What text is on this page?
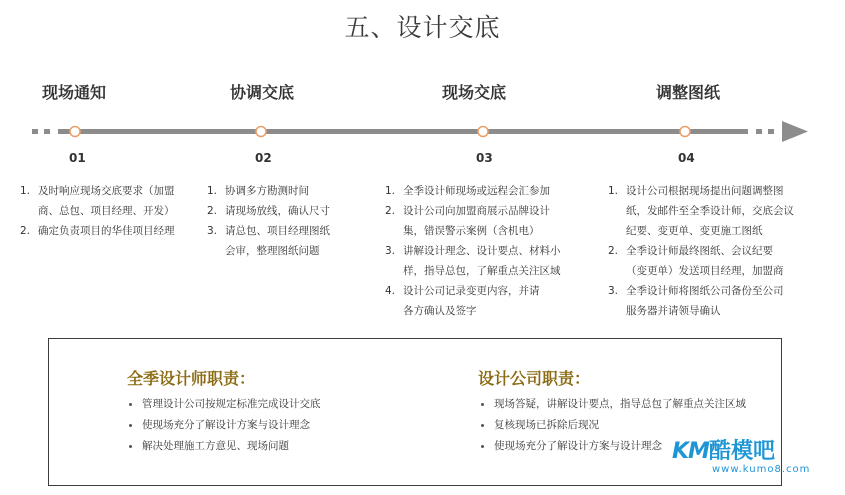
五、设计交底
现场通知	协调交底	现场交底	调整图纸
01	02	03	04
1. 及时响应现场交底要求（加盟
商、总包、项目经理、开发）
2. 确定负责项目的华佳项目经理
1. 协调多方勘测时间
2. 请现场放线，确认尺寸
3. 请总包、项目经理图纸
会审，整理图纸问题
1. 全季设计师现场或远程会汇参加
2. 设计公司向加盟商展示品牌设计
集，错误警示案例（含机电）
3. 讲解设计理念、设计要点、材料小
样，指导总包，了解重点关注区域
4. 设计公司记录变更内容，并请
各方确认及签字
1. 设计公司根据现场提出问题调整图
纸，发邮件至全季设计师，交底会议
纪要、变更单、变更施工图纸
2. 全季设计师最终图纸、会议纪要
（变更单）发送项目经理，加盟商
3. 全季设计师将图纸公司备份至公司
服务器并请领导确认
全季设计师职责：
管理设计公司按规定标准完成设计交底
使现场充分了解设计方案与设计理念
解决处理施工方意见、现场问题
设计公司职责：
现场答疑，讲解设计要点，指导总包了解重点关注区域
复核现场已拆除后现况
使现场充分了解设计方案与设计理念 KM酷模吧
www.kumo8.com
